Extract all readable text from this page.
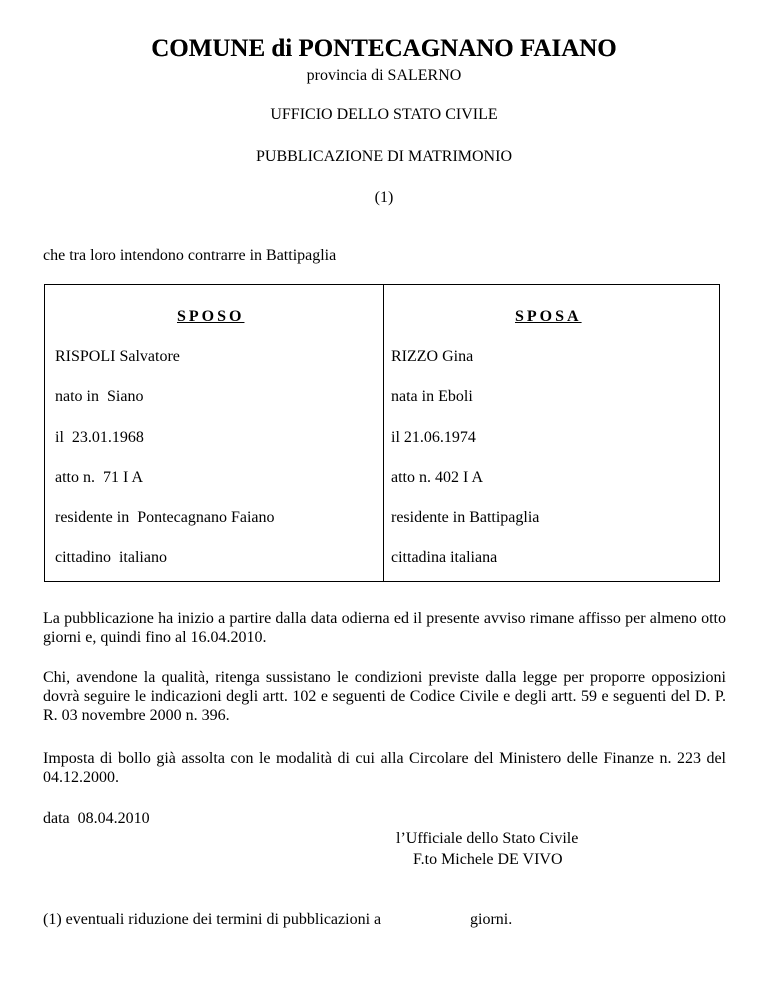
COMUNE di PONTECAGNANO FAIANO
provincia di SALERNO
UFFICIO DELLO STATO CIVILE
PUBBLICAZIONE DI MATRIMONIO
(1)
che tra loro intendono contrarre in Battipaglia
SPOSO	SPOSA
RISPOLI Salvatore	RIZZO Gina
nato in  Siano	nata in Eboli
il  23.01.1968	il 21.06.1974
atto n.  71 I A	atto n. 402 I A
residente in  Pontecagnano Faiano	residente in Battipaglia
cittadino  italiano	cittadina italiana
La pubblicazione ha inizio a partire dalla data odierna ed il presente avviso rimane affisso per almeno otto giorni e, quindi fino al 16.04.2010.
Chi, avendone la qualità, ritenga sussistano le condizioni previste dalla legge per proporre opposizioni dovrà seguire le indicazioni degli artt. 102 e seguenti de Codice Civile e degli artt. 59 e seguenti del D. P. R. 03 novembre 2000 n. 396.
Imposta di bollo già assolta con le modalità di cui alla Circolare del Ministero delle Finanze n. 223 del 04.12.2000.
data  08.04.2010
l’Ufficiale dello Stato Civile
F.to Michele DE VIVO
(1) eventuali riduzione dei termini di pubblicazioni a	giorni.
